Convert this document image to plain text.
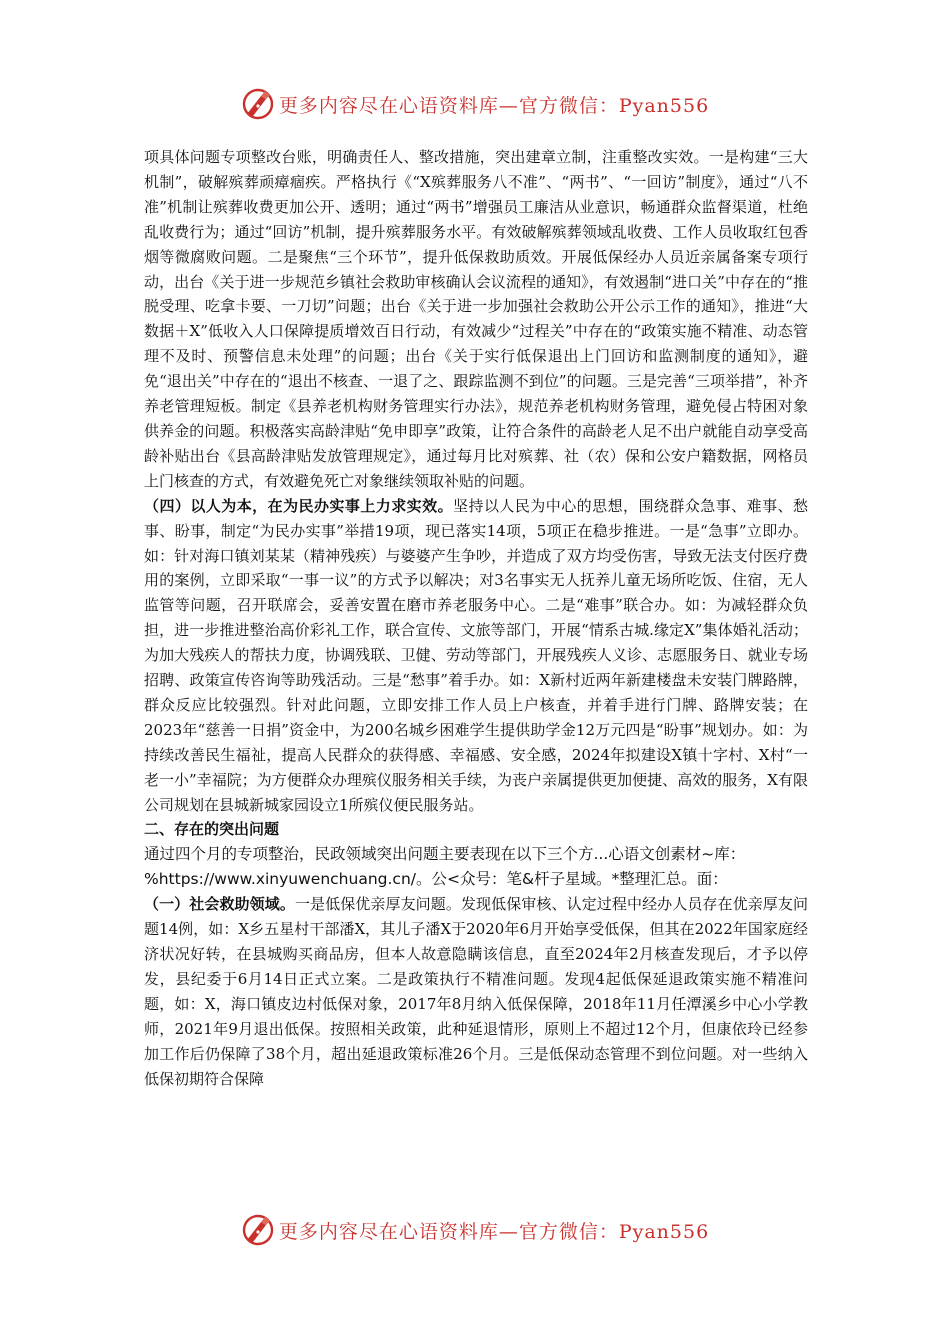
更多内容尽在心语资料库—官方微信：Pyan556

项具体问题专项整改台账，明确责任人、整改措施，突出建章立制，注重整改实效。一是构建“三大机制”，破解殡葬顽瘴痼疾。严格执行《“X殡葬服务八不准”、“两书”、“一回访”制度》，通过“八不准”机制让殡葬收费更加公开、透明；通过“两书”增强员工廉洁从业意识，畅通群众监督渠道，杜绝乱收费行为；通过“回访”机制，提升殡葬服务水平。有效破解殡葬领域乱收费、工作人员收取红包香烟等微腐败问题。二是聚焦“三个环节”，提升低保救助质效。开展低保经办人员近亲属备案专项行动，出台《关于进一步规范乡镇社会救助审核确认会议流程的通知》，有效遏制“进口关”中存在的“推脱受理、吃拿卡要、一刀切”问题；出台《关于进一步加强社会救助公开公示工作的通知》，推进“大数据＋X”低收入人口保障提质增效百日行动，有效减少“过程关”中存在的“政策实施不精准、动态管理不及时、预警信息未处理”的问题；出台《关于实行低保退出上门回访和监测制度的通知》，避免“退出关”中存在的“退出不核查、一退了之、跟踪监测不到位”的问题。三是完善“三项举措”，补齐养老管理短板。制定《县养老机构财务管理实行办法》，规范养老机构财务管理，避免侵占特困对象供养金的问题。积极落实高龄津贴“免申即享”政策，让符合条件的高龄老人足不出户就能自动享受高龄补贴出台《县高龄津贴发放管理规定》，通过每月比对殡葬、社（农）保和公安户籍数据，网格员上门核查的方式，有效避免死亡对象继续领取补贴的问题。

（四）以人为本，在为民办实事上力求实效。坚持以人民为中心的思想，围绕群众急事、难事、愁事、盼事，制定“为民办实事”举措19项，现已落实14项，5项正在稳步推进。一是“急事”立即办。如：针对海口镇刘某某（精神残疾）与婆婆产生争吵，并造成了双方均受伤害，导致无法支付医疗费用的案例，立即采取“一事一议”的方式予以解决；对3名事实无人抚养儿童无场所吃饭、住宿，无人监管等问题，召开联席会，妥善安置在磨市养老服务中心。二是“难事”联合办。如：为减轻群众负担，进一步推进整治高价彩礼工作，联合宣传、文旅等部门，开展“情系古城.缘定X”集体婚礼活动；为加大残疾人的帮扶力度，协调残联、卫健、劳动等部门，开展残疾人义诊、志愿服务日、就业专场招聘、政策宣传咨询等助残活动。三是“愁事”着手办。如：X新村近两年新建楼盘未安装门牌路牌，群众反应比较强烈。针对此问题，立即安排工作人员上户核查，并着手进行门牌、路牌安装；在2023年“慈善一日捐”资金中，为200名城乡困难学生提供助学金12万元四是“盼事”规划办。如：为持续改善民生福祉，提高人民群众的获得感、幸福感、安全感，2024年拟建设X镇十字村、X村“一老一小”幸福院；为方便群众办理殡仪服务相关手续，为丧户亲属提供更加便捷、高效的服务，X有限公司规划在县城新城家园设立1所殡仪便民服务站。

二、存在的突出问题

通过四个月的专项整治，民政领域突出问题主要表现在以下三个方...心语文创素材~库：%https://www.xinyuwenchuang.cn/。公<众号：笔&杆子星域。*整理汇总。面：

（一）社会救助领域。一是低保优亲厚友问题。发现低保审核、认定过程中经办人员存在优亲厚友问题14例，如：X乡五星村干部潘X，其儿子潘X于2020年6月开始享受低保，但其在2022年国家庭经济状况好转，在县城购买商品房，但本人故意隐瞒该信息，直至2024年2月核查发现后，才予以停发，县纪委于6月14日正式立案。二是政策执行不精准问题。发现4起低保延退政策实施不精准问题，如：X，海口镇皮边村低保对象，2017年8月纳入低保保障，2018年11月任潭溪乡中心小学教师，2021年9月退出低保。按照相关政策，此种延退情形，原则上不超过12个月，但康依玲已经参加工作后仍保障了38个月，超出延退政策标准26个月。三是低保动态管理不到位问题。对一些纳入低保初期符合保障

更多内容尽在心语资料库—官方微信：Pyan556
